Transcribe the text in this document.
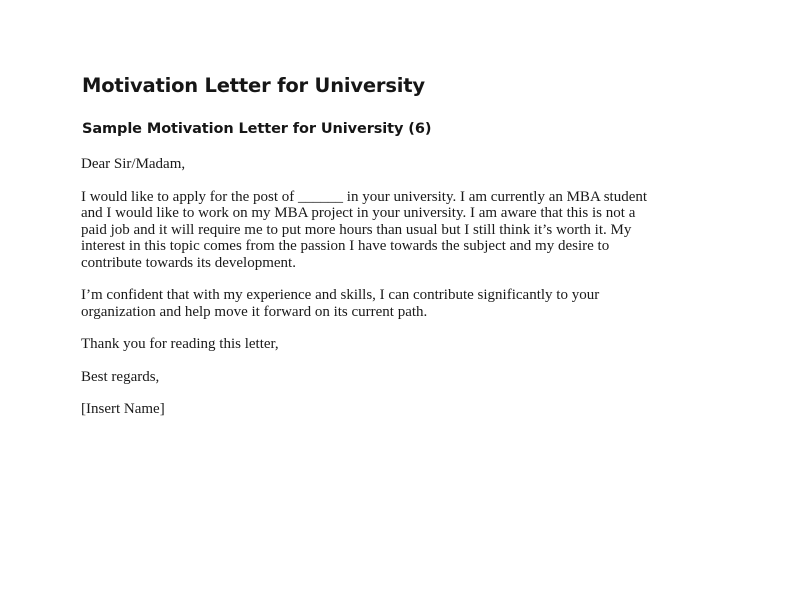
Motivation Letter for University
Sample Motivation Letter for University (6)

Dear Sir/Madam,

I would like to apply for the post of ______ in your university. I am currently an MBA student
and I would like to work on my MBA project in your university. I am aware that this is not a
paid job and it will require me to put more hours than usual but I still think it’s worth it. My
interest in this topic comes from the passion I have towards the subject and my desire to
contribute towards its development.

I’m confident that with my experience and skills, I can contribute significantly to your
organization and help move it forward on its current path.

Thank you for reading this letter,

Best regards,

[Insert Name]
